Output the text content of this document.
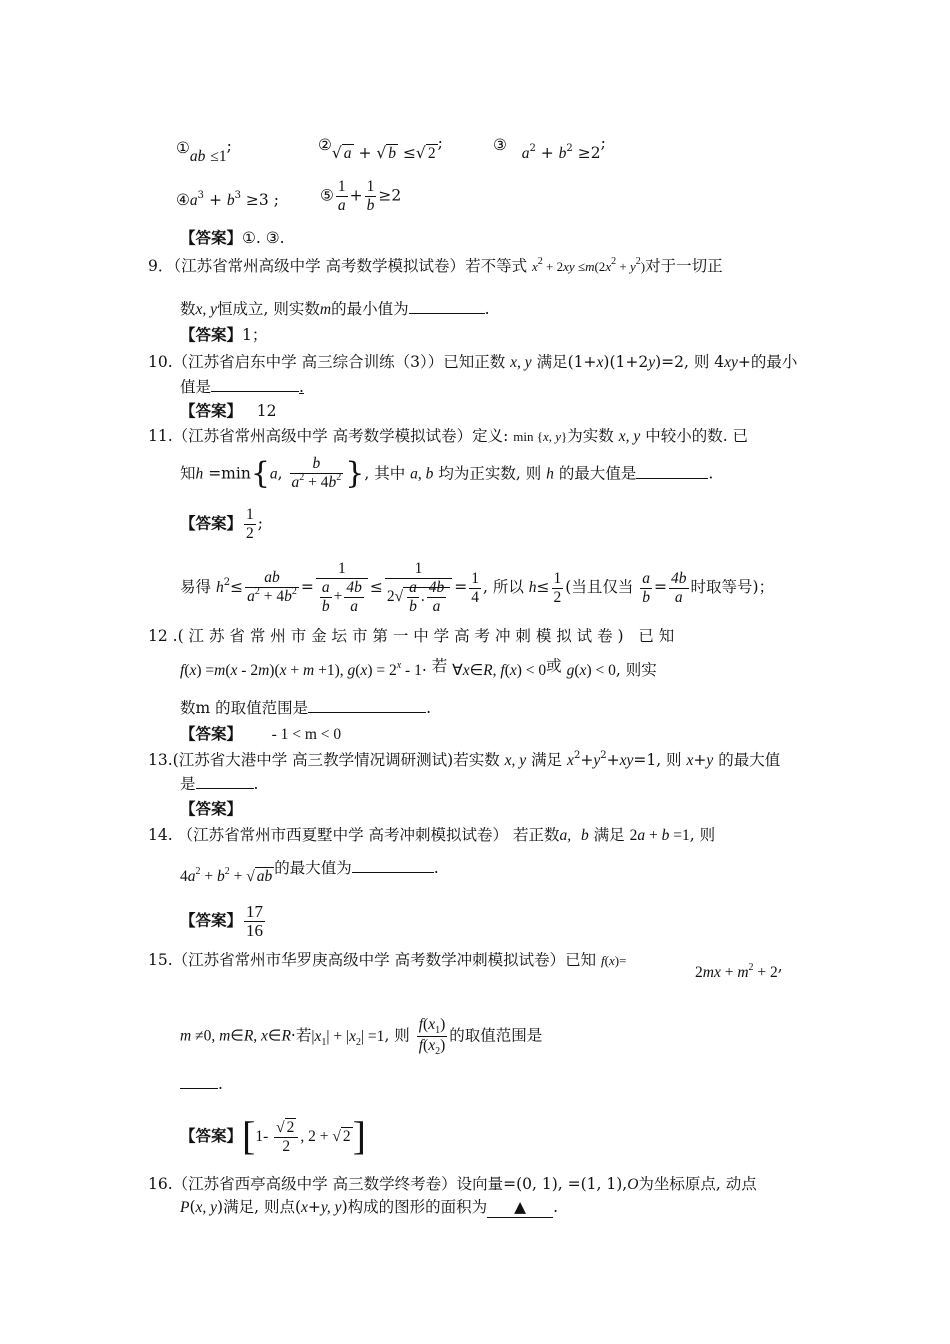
①ab ≤1;	②√ a + √ b ≤√ 2;	③ $a^2 + b^2 \ge 2$;
$④a^3 + b^3 \ge 3$ ;	⑤ $\frac{1}{a} + \frac{1}{b} \ge 2$
【答案】①. ③.
9．（江苏省常州高级中学 高考数学模拟试卷）若不等式 $x^2 + 2xy \le m(2x^2 + y^2)$对于一切正
数x, y恒成立, 则实数m的最小值为	.
【答案】1；
10.（江苏省启东中学 高三综合训练（3））已知正数 x, y 满足(1+x)(1+2y)=2, 则 4xy+的最小
值是	.
【答案】 12
11.（江苏省常州高级中学 高考数学模拟试卷）定义: min {x, y}为实数 x, y 中较小的数. 已
知h =min{a, $\frac{b}{a^2 + 4b^2}$ }, 其中 a, b 均为正实数, 则 h 的最大值是	.
【答案】 $\frac{1}{2}$ ;
易得 $h^2\le \frac{ab}{a^2 + 4b^2} = \frac{1}{\frac{a}{b} + \frac{4b}{a}} \le \frac{1}{2√ \frac{a}{b} . \frac{4b}{a}} = \frac{1}{4}$ , 所以 $h\le \frac{1}{2}$ (当且仅当 $\frac{a}{b} = \frac{4b}{a}$ 时取等号)；
12 .( 江 苏 省 常 州 市 金 坛 市 第 一 中 学 高 考 冲 刺 模 拟 试 卷 ) 已 知
f(x) =m(x - 2m)(x + m +1), $g(x) = 2^x - 1$. 若 ∀x∈R, f(x) < 0或 g(x) < 0, 则实
数m 的取值范围是	.
【答案】 - 1 < m < 0
13.(江苏省大港中学 高三教学情况调研测试)若实数 x, y 满足 $x^2+y^2+xy=1$, 则 x+y 的最大值
是	.
【答案】
14. （江苏省常州市西夏墅中学 高考冲刺模拟试卷） 若正数a, b 满足 2a + b =1, 则
$4a^2 + b^2$ + √ ab 的最大值为	.
【答案】 $\frac{17}{16}$
15.（江苏省常州市华罗庚高级中学 高考数学冲刺模拟试卷）已知 f(x)=
$2mx + m^2 + 2$,
m ≠0, m∈R, x∈R·若$|x_1| + |x_2| =1$, 则 $\frac{f(x_1)}{f(x_2)}$ 的取值范围是
.
【答案】[$1- \frac{√ 2}{2}$ , 2 + √ 2]
16.（江苏省西亭高级中学 高三数学终考卷）设向量=(0, 1), =(1, 1),O为坐标原点, 动点
P(x, y)满足, 则点(x+y, y)构成的图形的面积为 ▲ .
